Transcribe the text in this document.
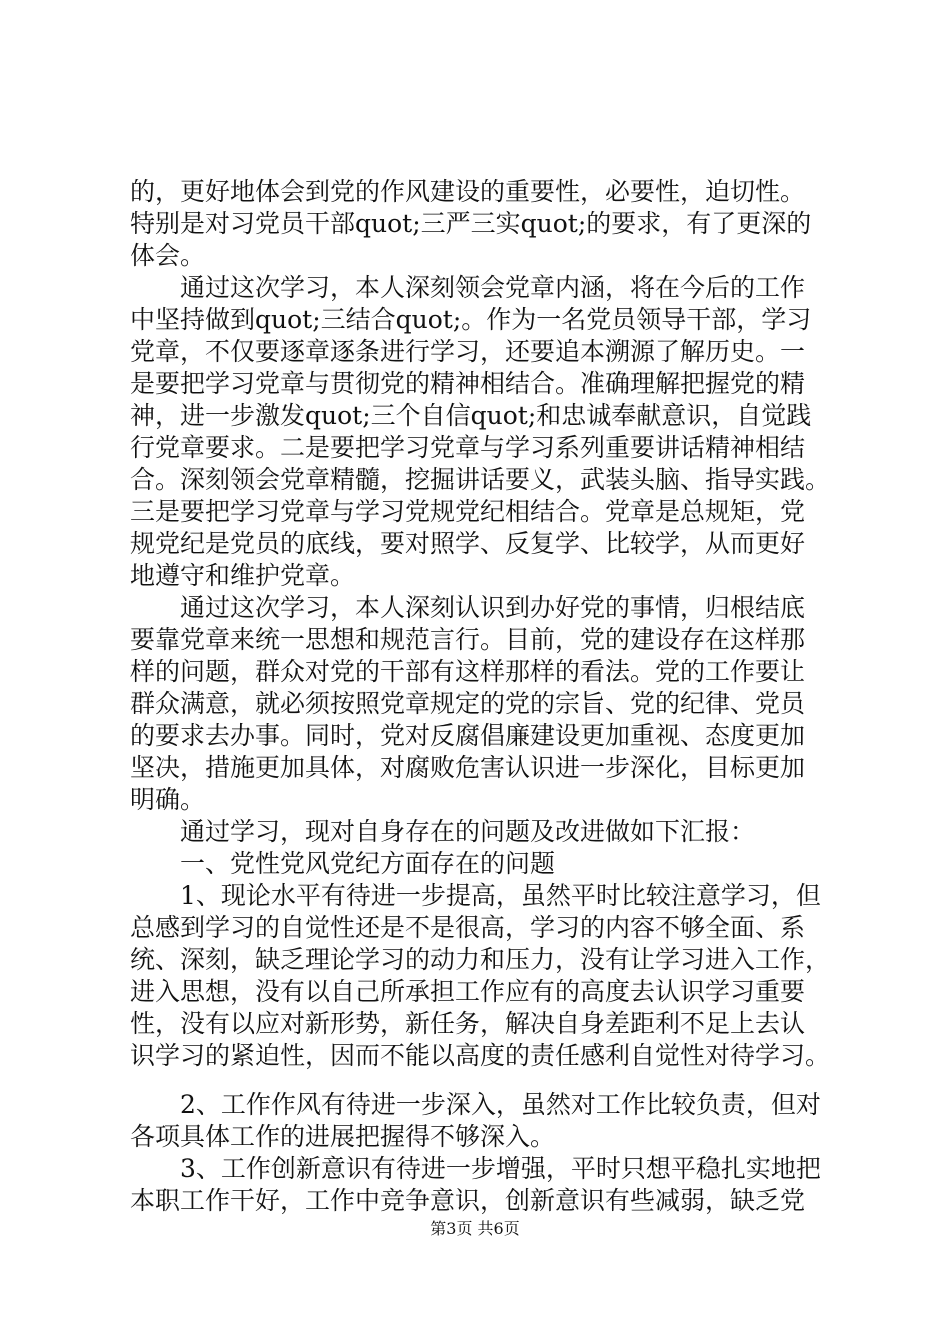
的，更好地体会到党的作风建设的重要性，必要性，迫切性。
特别是对习党员干部quot;三严三实quot;的要求，有了更深的
体会。
　　通过这次学习，本人深刻领会党章内涵，将在今后的工作
中坚持做到quot;三结合quot;。作为一名党员领导干部，学习
党章，不仅要逐章逐条进行学习，还要追本溯源了解历史。一
是要把学习党章与贯彻党的精神相结合。准确理解把握党的精
神，进一步激发quot;三个自信quot;和忠诚奉献意识，自觉践
行党章要求。二是要把学习党章与学习系列重要讲话精神相结
合。深刻领会党章精髓，挖掘讲话要义，武装头脑、指导实践。
三是要把学习党章与学习党规党纪相结合。党章是总规矩，党
规党纪是党员的底线，要对照学、反复学、比较学，从而更好
地遵守和维护党章。
　　通过这次学习，本人深刻认识到办好党的事情，归根结底
要靠党章来统一思想和规范言行。目前，党的建设存在这样那
样的问题，群众对党的干部有这样那样的看法。党的工作要让
群众满意，就必须按照党章规定的党的宗旨、党的纪律、党员
的要求去办事。同时，党对反腐倡廉建设更加重视、态度更加
坚决，措施更加具体，对腐败危害认识进一步深化，目标更加
明确。
　　通过学习，现对自身存在的问题及改进做如下汇报：
　　一、党性党风党纪方面存在的问题
　　1、现论水平有待进一步提高，虽然平时比较注意学习，但
总感到学习的自觉性还是不是很高，学习的内容不够全面、系
统、深刻，缺乏理论学习的动力和压力，没有让学习进入工作，
进入思想，没有以自己所承担工作应有的高度去认识学习重要
性，没有以应对新形势，新任务，解决自身差距利不足上去认
识学习的紧迫性，因而不能以高度的责任感利自觉性对待学习。
　　2、工作作风有待进一步深入，虽然对工作比较负责，但对
各项具体工作的进展把握得不够深入。
　　3、工作创新意识有待进一步增强，平时只想平稳扎实地把
本职工作干好，工作中竞争意识，创新意识有些减弱，缺乏党
第3页 共6页
